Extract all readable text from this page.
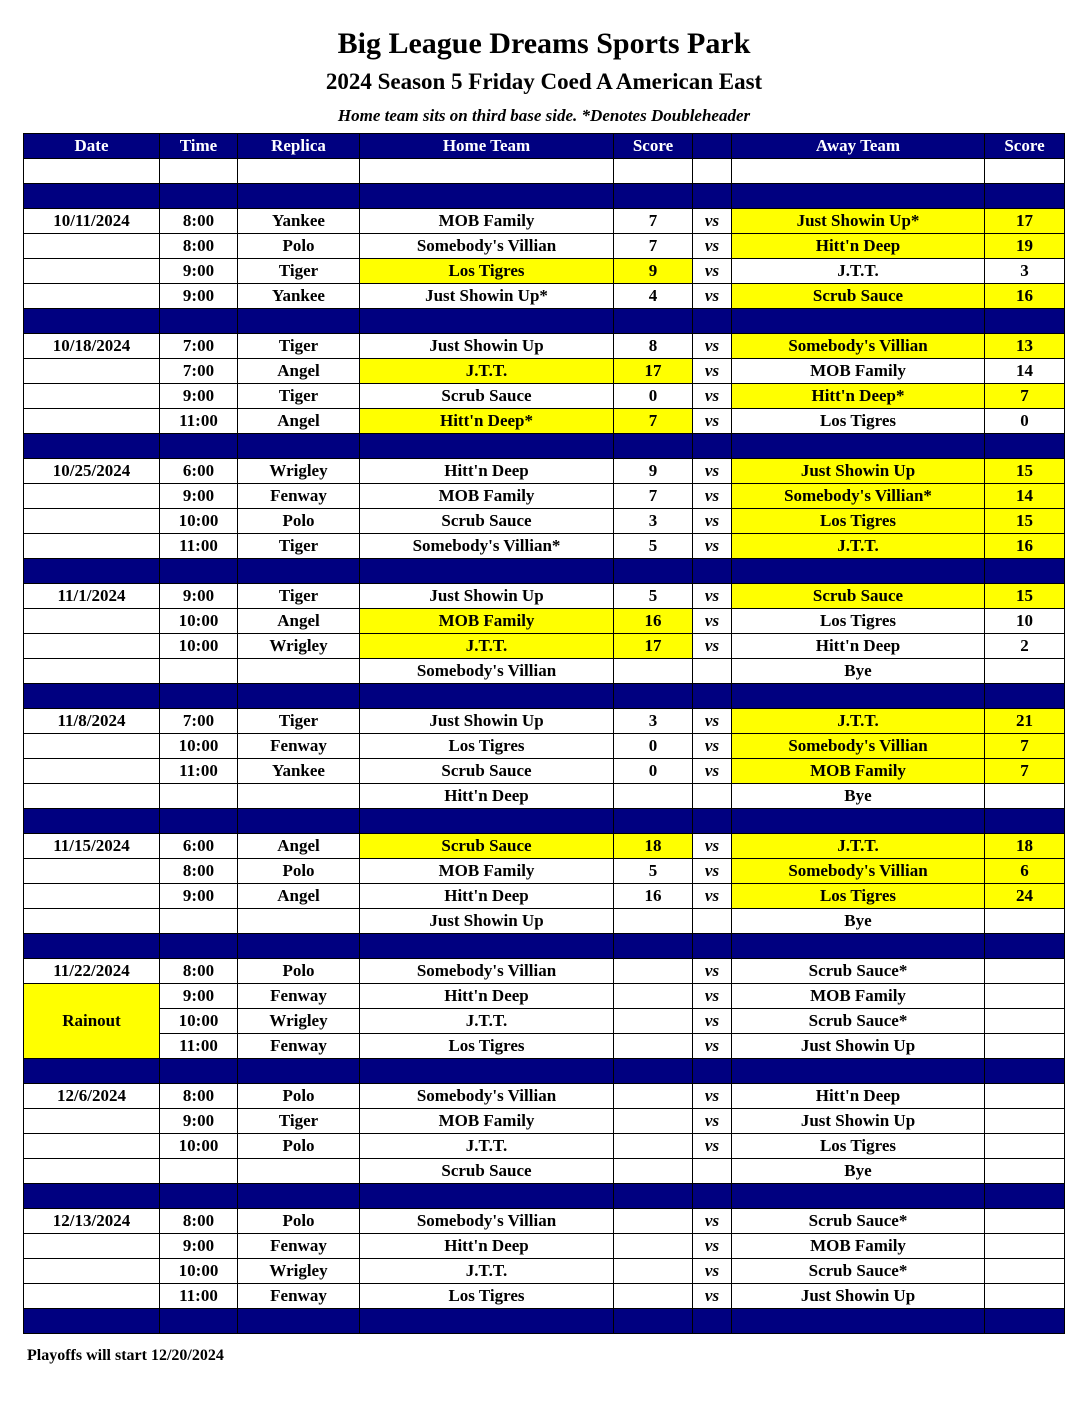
Big League Dreams Sports Park
2024 Season 5 Friday Coed A American East
Home team sits on third base side. *Denotes Doubleheader
Date	Time	Replica	Home Team	Score		Away Team	Score

10/11/2024	8:00	Yankee	MOB Family	7	vs	Just Showin Up*	17
	8:00	Polo	Somebody's Villian	7	vs	Hitt'n Deep	19
	9:00	Tiger	Los Tigres	9	vs	J.T.T.	3
	9:00	Yankee	Just Showin Up*	4	vs	Scrub Sauce	16

10/18/2024	7:00	Tiger	Just Showin Up	8	vs	Somebody's Villian	13
	7:00	Angel	J.T.T.	17	vs	MOB Family	14
	9:00	Tiger	Scrub Sauce	0	vs	Hitt'n Deep*	7
	11:00	Angel	Hitt'n Deep*	7	vs	Los Tigres	0

10/25/2024	6:00	Wrigley	Hitt'n Deep	9	vs	Just Showin Up	15
	9:00	Fenway	MOB Family	7	vs	Somebody's Villian*	14
	10:00	Polo	Scrub Sauce	3	vs	Los Tigres	15
	11:00	Tiger	Somebody's Villian*	5	vs	J.T.T.	16

11/1/2024	9:00	Tiger	Just Showin Up	5	vs	Scrub Sauce	15
	10:00	Angel	MOB Family	16	vs	Los Tigres	10
	10:00	Wrigley	J.T.T.	17	vs	Hitt'n Deep	2
			Somebody's Villian			Bye	

11/8/2024	7:00	Tiger	Just Showin Up	3	vs	J.T.T.	21
	10:00	Fenway	Los Tigres	0	vs	Somebody's Villian	7
	11:00	Yankee	Scrub Sauce	0	vs	MOB Family	7
			Hitt'n Deep			Bye	

11/15/2024	6:00	Angel	Scrub Sauce	18	vs	J.T.T.	18
	8:00	Polo	MOB Family	5	vs	Somebody's Villian	6
	9:00	Angel	Hitt'n Deep	16	vs	Los Tigres	24
			Just Showin Up			Bye	

11/22/2024	8:00	Polo	Somebody's Villian		vs	Scrub Sauce*	
Rainout	9:00	Fenway	Hitt'n Deep		vs	MOB Family	
	10:00	Wrigley	J.T.T.		vs	Scrub Sauce*	
	11:00	Fenway	Los Tigres		vs	Just Showin Up	

12/6/2024	8:00	Polo	Somebody's Villian		vs	Hitt'n Deep	
	9:00	Tiger	MOB Family		vs	Just Showin Up	
	10:00	Polo	J.T.T.		vs	Los Tigres	
			Scrub Sauce			Bye	

12/13/2024	8:00	Polo	Somebody's Villian		vs	Scrub Sauce*	
	9:00	Fenway	Hitt'n Deep		vs	MOB Family	
	10:00	Wrigley	J.T.T.		vs	Scrub Sauce*	
	11:00	Fenway	Los Tigres		vs	Just Showin Up	

Playoffs will start 12/20/2024
